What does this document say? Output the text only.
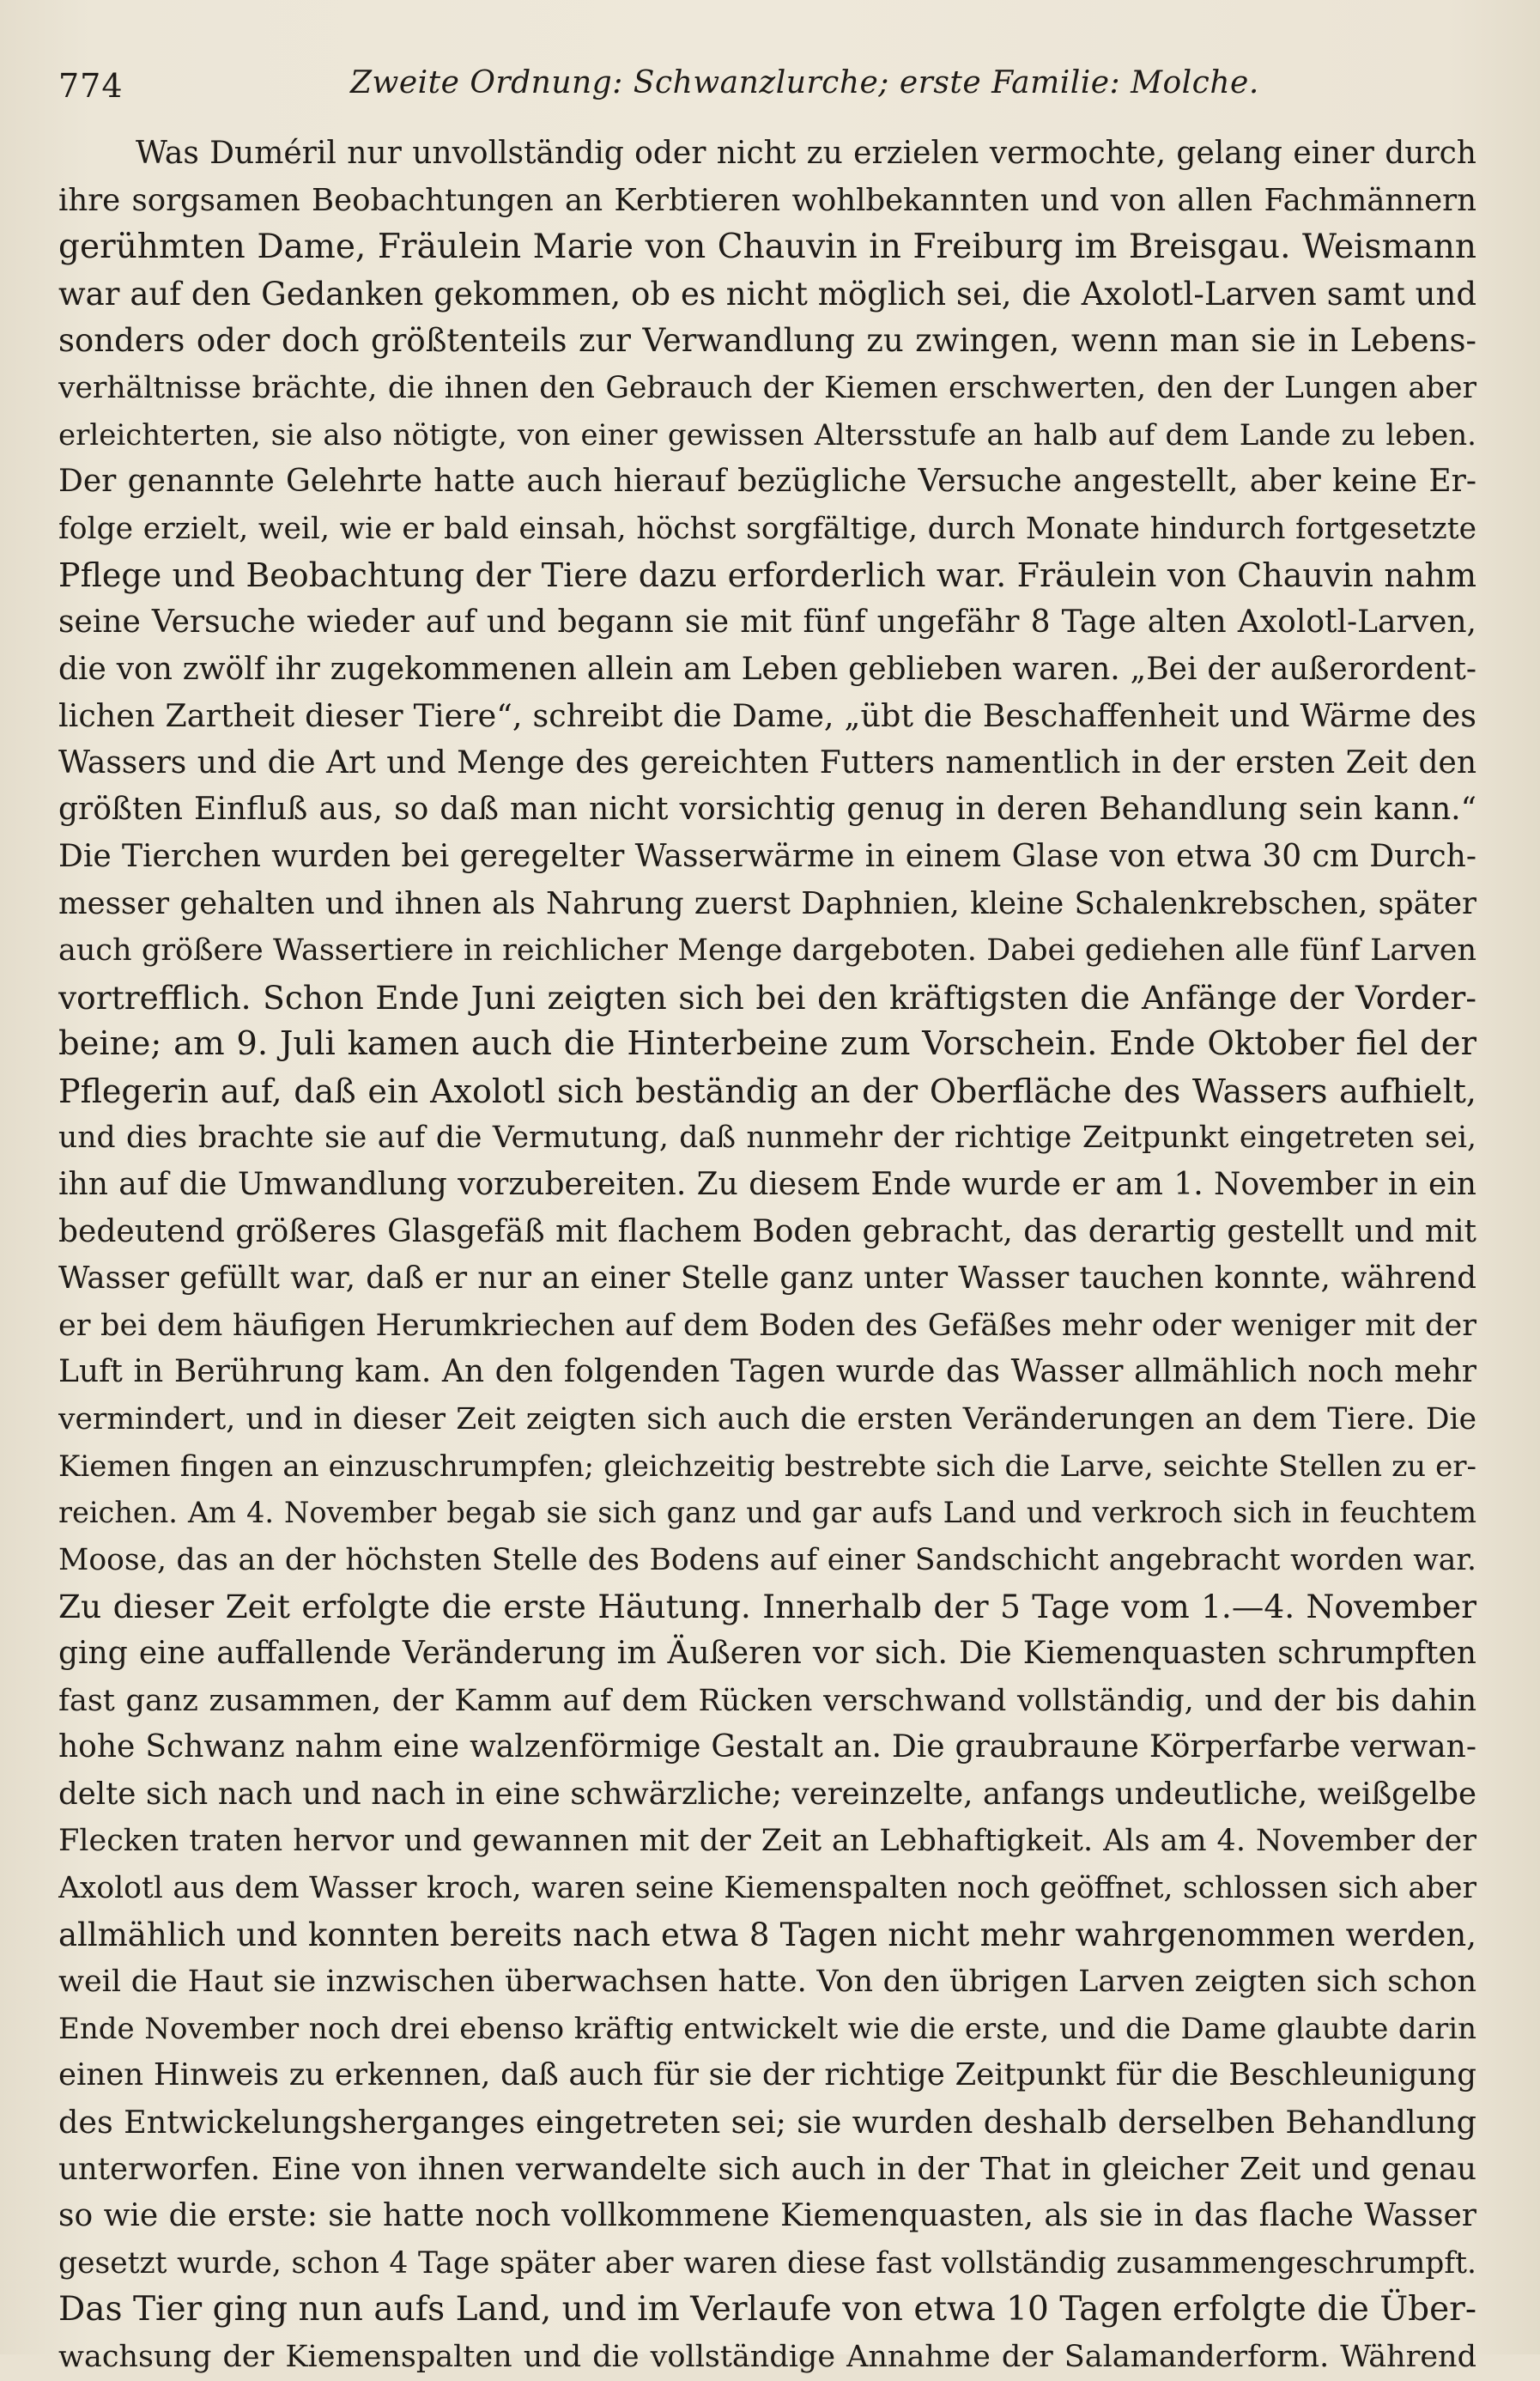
774	Zweite Ordnung: Schwanzlurche; erste Familie: Molche.
Was Duméril nur unvollständig oder nicht zu erzielen vermochte, gelang einer durch
ihre sorgsamen Beobachtungen an Kerbtieren wohlbekannten und von allen Fachmännern
gerühmten Dame, Fräulein Marie von Chauvin in Freiburg im Breisgau. Weismann
war auf den Gedanken gekommen, ob es nicht möglich sei, die Axolotl-Larven samt und
sonders oder doch größtenteils zur Verwandlung zu zwingen, wenn man sie in Lebens-
verhältnisse brächte, die ihnen den Gebrauch der Kiemen erschwerten, den der Lungen aber
erleichterten, sie also nötigte, von einer gewissen Altersstufe an halb auf dem Lande zu leben.
Der genannte Gelehrte hatte auch hierauf bezügliche Versuche angestellt, aber keine Er-
folge erzielt, weil, wie er bald einsah, höchst sorgfältige, durch Monate hindurch fortgesetzte
Pflege und Beobachtung der Tiere dazu erforderlich war. Fräulein von Chauvin nahm
seine Versuche wieder auf und begann sie mit fünf ungefähr 8 Tage alten Axolotl-Larven,
die von zwölf ihr zugekommenen allein am Leben geblieben waren. „Bei der außerordent-
lichen Zartheit dieser Tiere“, schreibt die Dame, „übt die Beschaffenheit und Wärme des
Wassers und die Art und Menge des gereichten Futters namentlich in der ersten Zeit den
größten Einfluß aus, so daß man nicht vorsichtig genug in deren Behandlung sein kann.“
Die Tierchen wurden bei geregelter Wasserwärme in einem Glase von etwa 30 cm Durch-
messer gehalten und ihnen als Nahrung zuerst Daphnien, kleine Schalenkrebschen, später
auch größere Wassertiere in reichlicher Menge dargeboten. Dabei gediehen alle fünf Larven
vortrefflich. Schon Ende Juni zeigten sich bei den kräftigsten die Anfänge der Vorder-
beine; am 9. Juli kamen auch die Hinterbeine zum Vorschein. Ende Oktober fiel der
Pflegerin auf, daß ein Axolotl sich beständig an der Oberfläche des Wassers aufhielt,
und dies brachte sie auf die Vermutung, daß nunmehr der richtige Zeitpunkt eingetreten sei,
ihn auf die Umwandlung vorzubereiten. Zu diesem Ende wurde er am 1. November in ein
bedeutend größeres Glasgefäß mit flachem Boden gebracht, das derartig gestellt und mit
Wasser gefüllt war, daß er nur an einer Stelle ganz unter Wasser tauchen konnte, während
er bei dem häufigen Herumkriechen auf dem Boden des Gefäßes mehr oder weniger mit der
Luft in Berührung kam. An den folgenden Tagen wurde das Wasser allmählich noch mehr
vermindert, und in dieser Zeit zeigten sich auch die ersten Veränderungen an dem Tiere. Die
Kiemen fingen an einzuschrumpfen; gleichzeitig bestrebte sich die Larve, seichte Stellen zu er-
reichen. Am 4. November begab sie sich ganz und gar aufs Land und verkroch sich in feuchtem
Moose, das an der höchsten Stelle des Bodens auf einer Sandschicht angebracht worden war.
Zu dieser Zeit erfolgte die erste Häutung. Innerhalb der 5 Tage vom 1.—4. November
ging eine auffallende Veränderung im Äußeren vor sich. Die Kiemenquasten schrumpften
fast ganz zusammen, der Kamm auf dem Rücken verschwand vollständig, und der bis dahin
hohe Schwanz nahm eine walzenförmige Gestalt an. Die graubraune Körperfarbe verwan-
delte sich nach und nach in eine schwärzliche; vereinzelte, anfangs undeutliche, weißgelbe
Flecken traten hervor und gewannen mit der Zeit an Lebhaftigkeit. Als am 4. November der
Axolotl aus dem Wasser kroch, waren seine Kiemenspalten noch geöffnet, schlossen sich aber
allmählich und konnten bereits nach etwa 8 Tagen nicht mehr wahrgenommen werden,
weil die Haut sie inzwischen überwachsen hatte. Von den übrigen Larven zeigten sich schon
Ende November noch drei ebenso kräftig entwickelt wie die erste, und die Dame glaubte darin
einen Hinweis zu erkennen, daß auch für sie der richtige Zeitpunkt für die Beschleunigung
des Entwickelungsherganges eingetreten sei; sie wurden deshalb derselben Behandlung
unterworfen. Eine von ihnen verwandelte sich auch in der That in gleicher Zeit und genau
so wie die erste: sie hatte noch vollkommene Kiemenquasten, als sie in das flache Wasser
gesetzt wurde, schon 4 Tage später aber waren diese fast vollständig zusammengeschrumpft.
Das Tier ging nun aufs Land, und im Verlaufe von etwa 10 Tagen erfolgte die Über-
wachsung der Kiemenspalten und die vollständige Annahme der Salamanderform. Während
